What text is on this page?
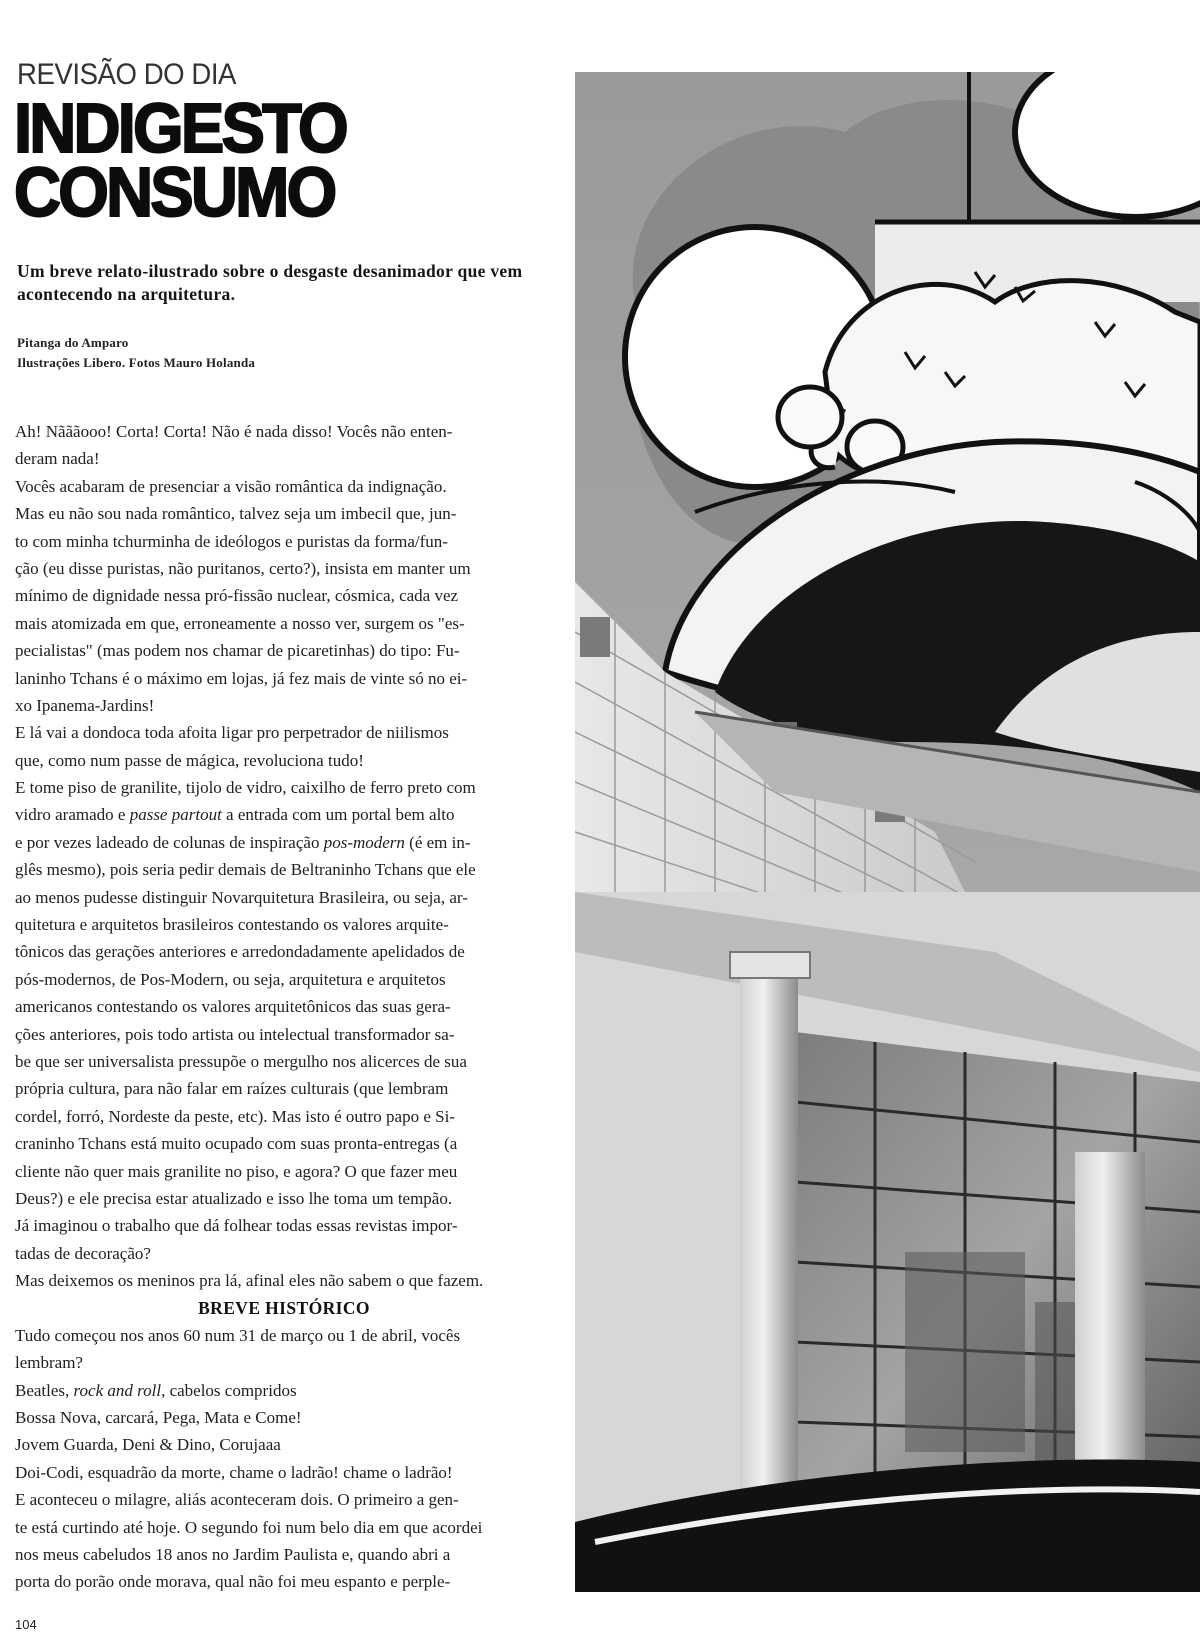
REVISÃO DO DIA
INDIGESTO
CONSUMO
Um breve relato-ilustrado sobre o desgaste desanimador que vem acontecendo na arquitetura.
Pitanga do Amparo
Ilustrações Libero. Fotos Mauro Holanda
Ah! Nãããooo! Corta! Corta! Não é nada disso! Vocês não enten-
deram nada!
Vocês acabaram de presenciar a visão romântica da indignação.
Mas eu não sou nada romântico, talvez seja um imbecil que, jun-
to com minha tchurminha de ideólogos e puristas da forma/fun-
ção (eu disse puristas, não puritanos, certo?), insista em manter um
mínimo de dignidade nessa pró-fissão nuclear, cósmica, cada vez
mais atomizada em que, erroneamente a nosso ver, surgem os "es-
pecialistas" (mas podem nos chamar de picaretinhas) do tipo: Fu-
laninho Tchans é o máximo em lojas, já fez mais de vinte só no ei-
xo Ipanema-Jardins!
E lá vai a dondoca toda afoita ligar pro perpetrador de niilismos
que, como num passe de mágica, revoluciona tudo!
E tome piso de granilite, tijolo de vidro, caixilho de ferro preto com
vidro aramado e passe partout a entrada com um portal bem alto
e por vezes ladeado de colunas de inspiração pos-modern (é em in-
glês mesmo), pois seria pedir demais de Beltraninho Tchans que ele
ao menos pudesse distinguir Novarquitetura Brasileira, ou seja, ar-
quitetura e arquitetos brasileiros contestando os valores arquite-
tônicos das gerações anteriores e arredondadamente apelidados de
pós-modernos, de Pos-Modern, ou seja, arquitetura e arquitetos
americanos contestando os valores arquitetônicos das suas gera-
ções anteriores, pois todo artista ou intelectual transformador sa-
be que ser universalista pressupõe o mergulho nos alicerces de sua
própria cultura, para não falar em raízes culturais (que lembram
cordel, forró, Nordeste da peste, etc). Mas isto é outro papo e Si-
craninho Tchans está muito ocupado com suas pronta-entregas (a
cliente não quer mais granilite no piso, e agora? O que fazer meu
Deus?) e ele precisa estar atualizado e isso lhe toma um tempão.
Já imaginou o trabalho que dá folhear todas essas revistas impor-
tadas de decoração?
Mas deixemos os meninos pra lá, afinal eles não sabem o que fazem.
BREVE HISTÓRICO
Tudo começou nos anos 60 num 31 de março ou 1 de abril, vocês
lembram?
Beatles, rock and roll, cabelos compridos
Bossa Nova, carcará, Pega, Mata e Come!
Jovem Guarda, Deni & Dino, Corujaaa
Doi-Codi, esquadrão da morte, chame o ladrão! chame o ladrão!
E aconteceu o milagre, aliás aconteceram dois. O primeiro a gen-
te está curtindo até hoje. O segundo foi num belo dia em que acordei
nos meus cabeludos 18 anos no Jardim Paulista e, quando abri a
porta do porão onde morava, qual não foi meu espanto e perple-
104
